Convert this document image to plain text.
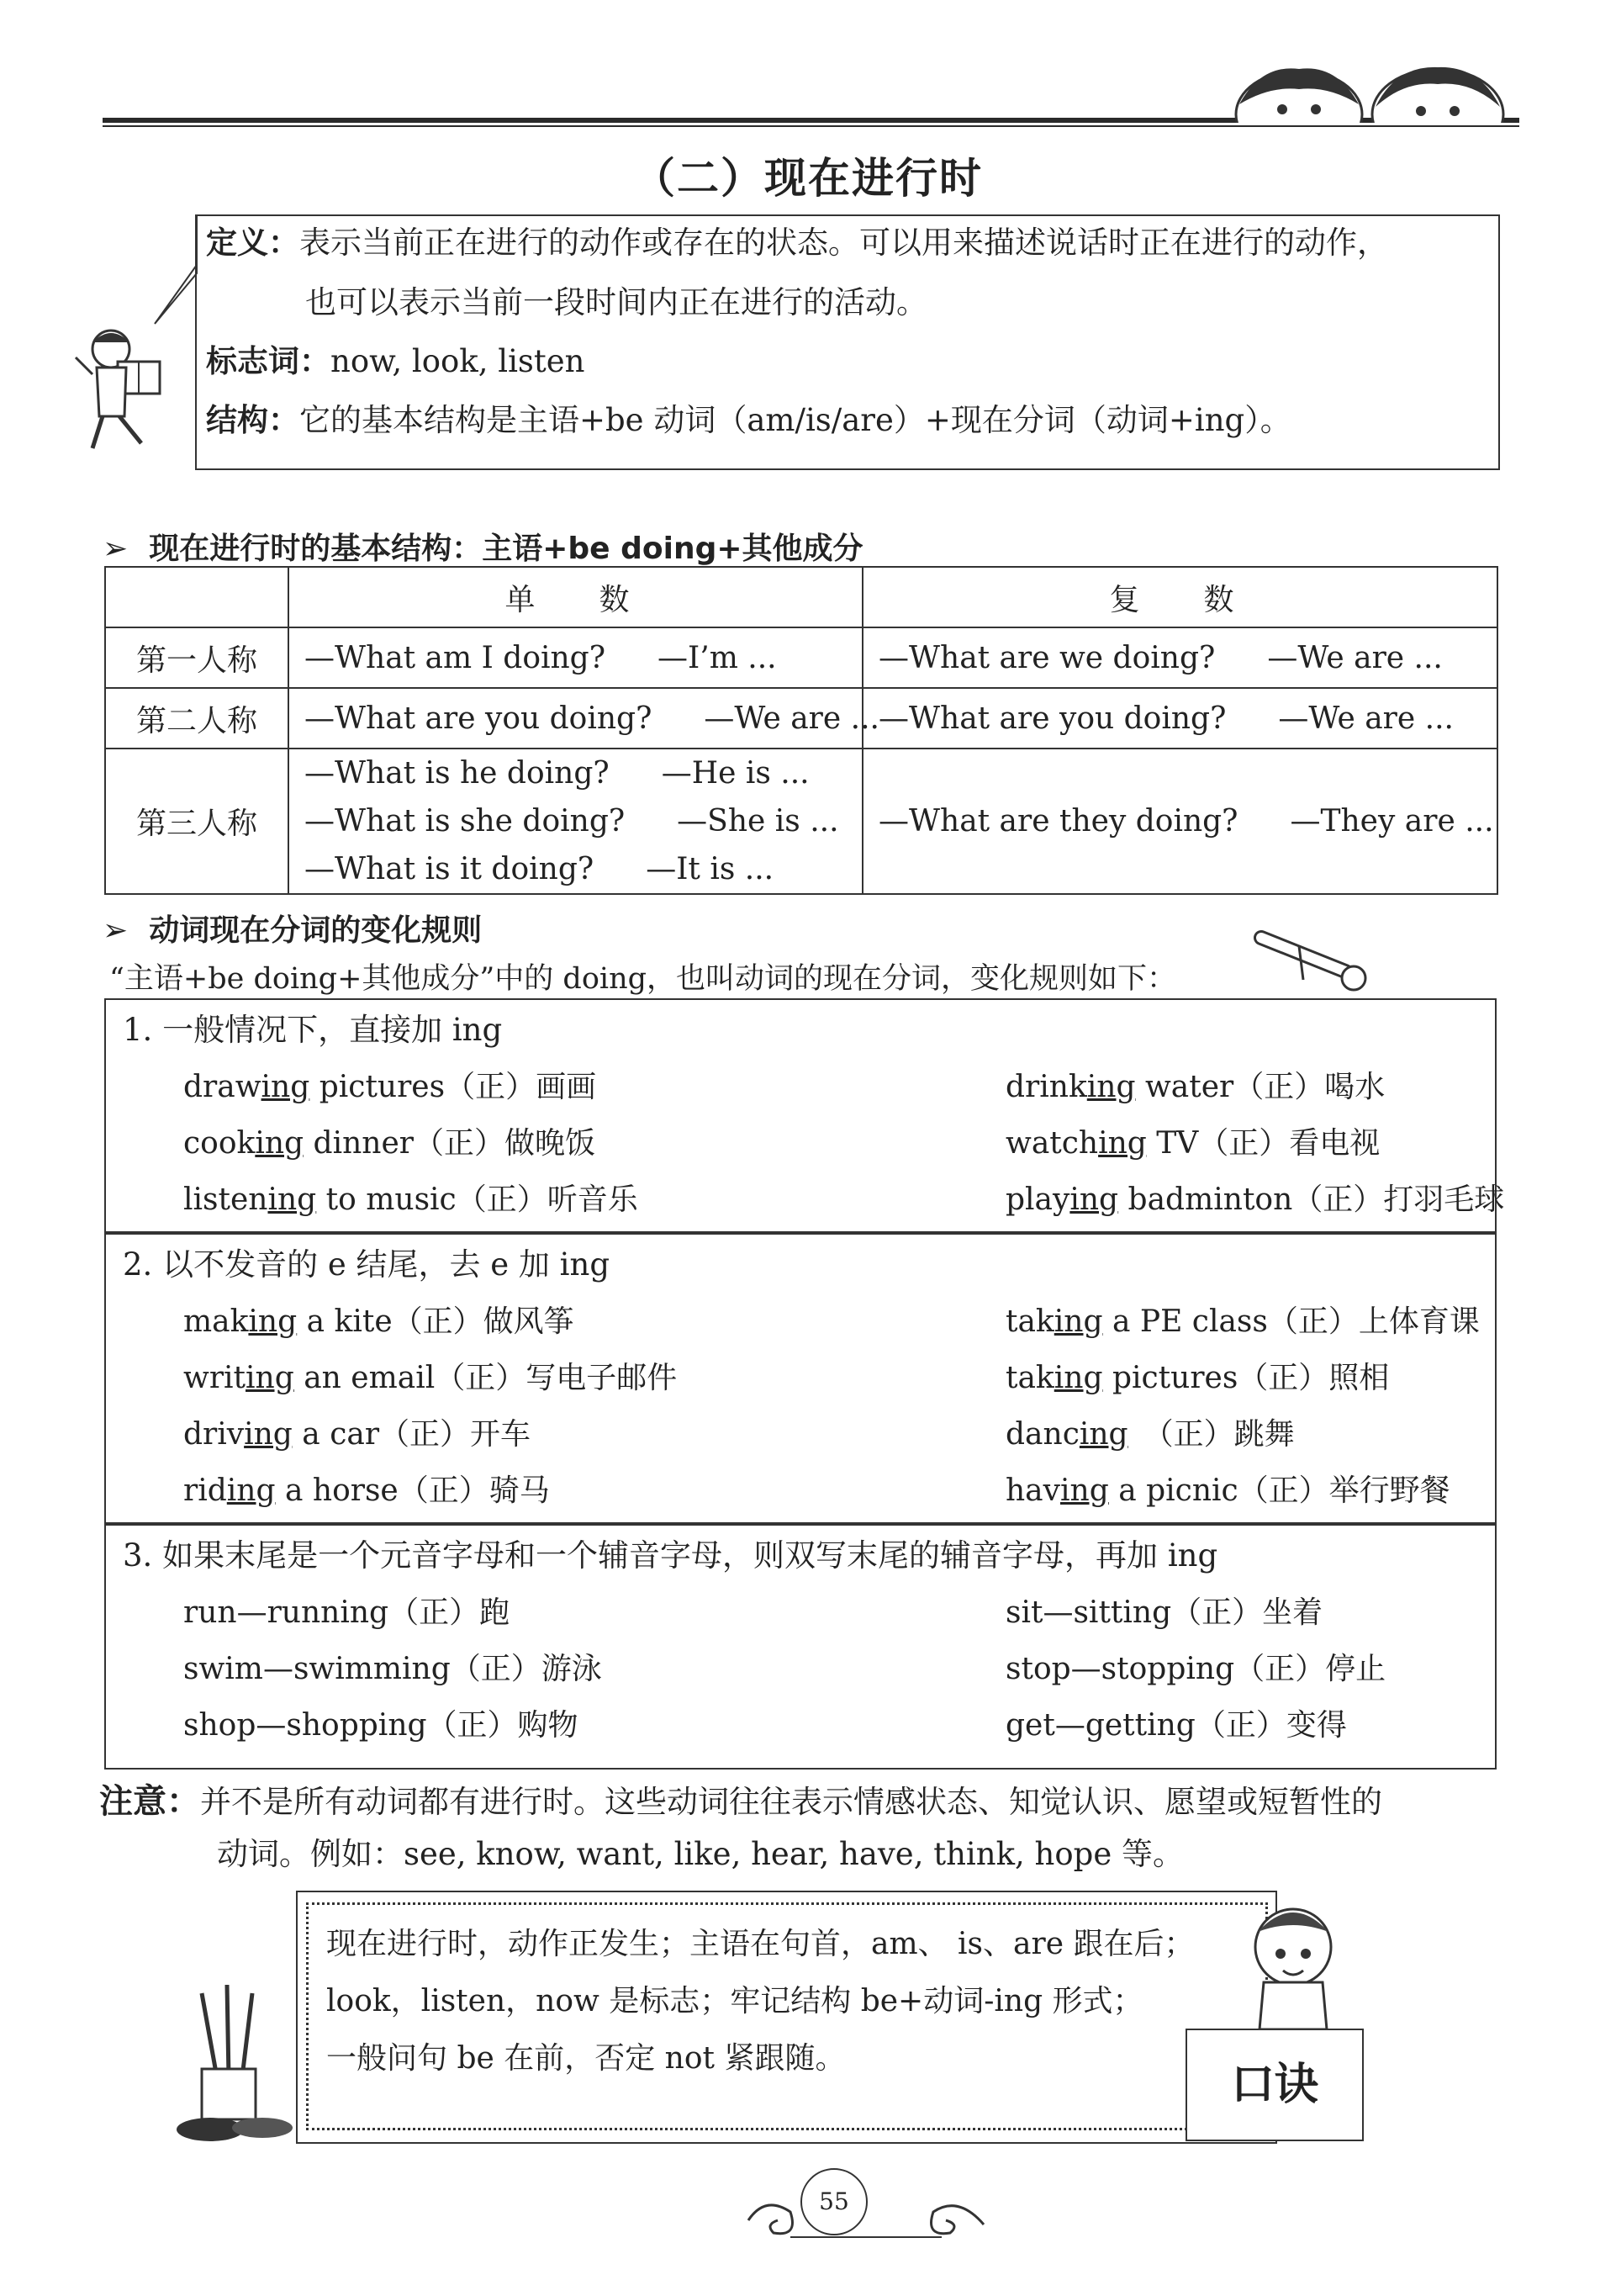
（二）现在进行时
定义：表示当前正在进行的动作或存在的状态。可以用来描述说话时正在进行的动作，
也可以表示当前一段时间内正在进行的活动。
标志词：now, look, listen
结构：它的基本结构是主语+be 动词（am/is/are）+现在分词（动词+ing）。
➢ 现在进行时的基本结构：主语+be doing+其他成分
	单　数	复　数
第一人称	—What am I doing? —I’m ...	—What are we doing? —We are ...
第二人称	—What are you doing? —We are ...	—What are you doing? —We are ...
第三人称	—What is he doing? —He is ...
—What is she doing? —She is ...
—What is it doing? —It is ...	—What are they doing? —They are ...
➢ 动词现在分词的变化规则
“主语+be doing+其他成分”中的 doing，也叫动词的现在分词，变化规则如下：
1. 一般情况下，直接加 ing
drawing pictures（正）画画
cooking dinner（正）做晚饭
listening to music（正）听音乐
drinking water（正）喝水
watching TV（正）看电视
playing badminton（正）打羽毛球
2. 以不发音的 e 结尾，去 e 加 ing
making a kite（正）做风筝
writing an email（正）写电子邮件
driving a car（正）开车
riding a horse（正）骑马
taking a PE class（正）上体育课
taking pictures（正）照相
dancing　（正）跳舞
having a picnic（正）举行野餐
3. 如果末尾是一个元音字母和一个辅音字母，则双写末尾的辅音字母，再加 ing
run—running（正）跑
swim—swimming（正）游泳
shop—shopping（正）购物
sit—sitting（正）坐着
stop—stopping（正）停止
get—getting（正）变得
注意：并不是所有动词都有进行时。这些动词往往表示情感状态、知觉认识、愿望或短暂性的
动词。例如：see, know, want, like, hear, have, think, hope 等。
现在进行时，动作正发生；主语在句首，am、 is、are 跟在后；
look，listen，now 是标志；牢记结构 be+动词-ing 形式；
一般问句 be 在前，否定 not 紧跟随。
口诀
55
